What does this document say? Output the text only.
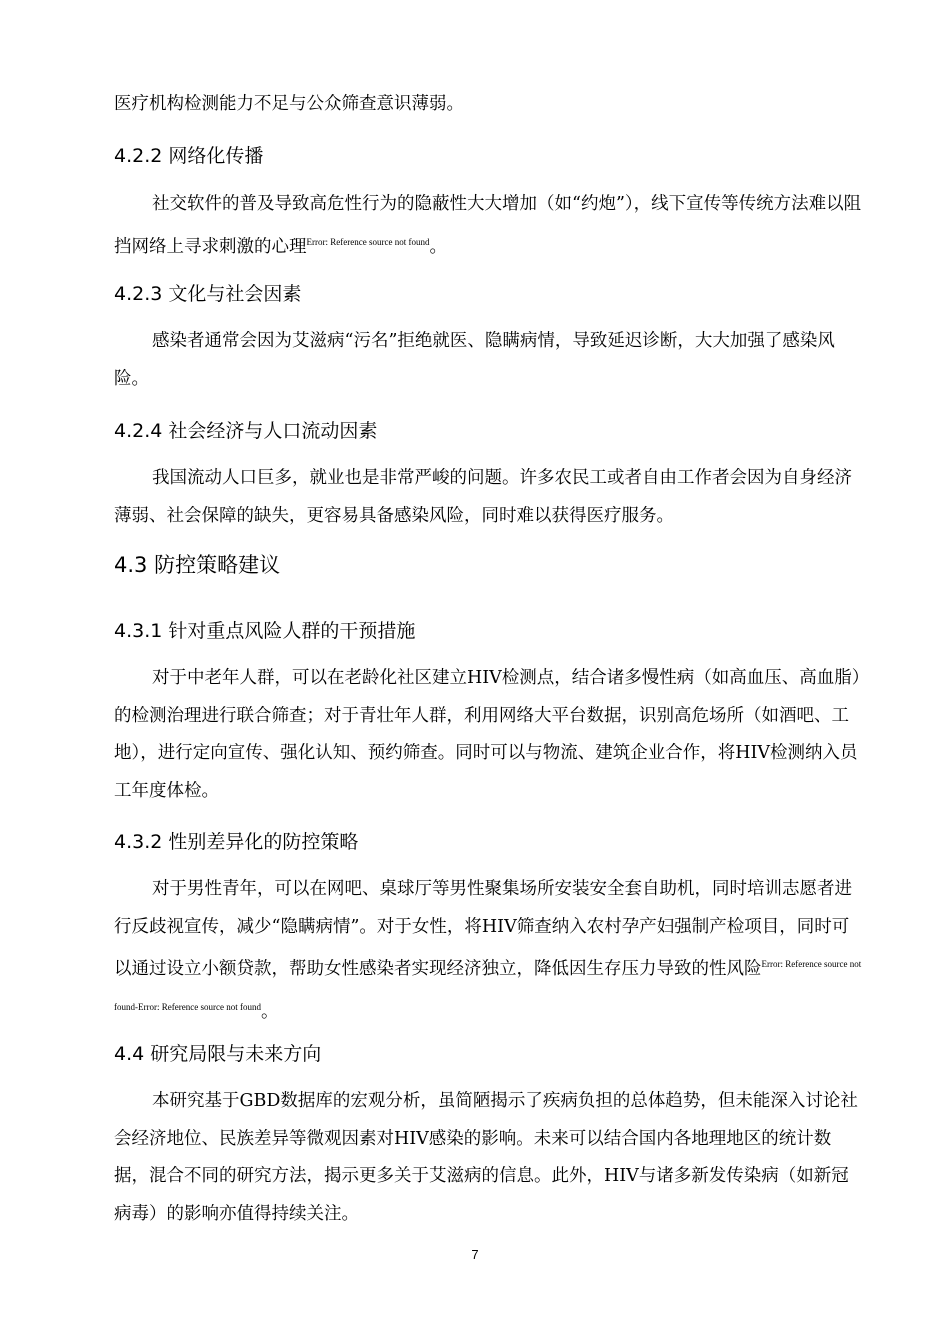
医疗机构检测能力不足与公众筛查意识薄弱。

4.2.2 网络化传播

社交软件的普及导致高危性行为的隐蔽性大大增加（如“约炮”），线下宣传等传统方法难以阻挡网络上寻求刺激的心理$^{Error: Reference source not found}$。

4.2.3 文化与社会因素

感染者通常会因为艾滋病“污名”拒绝就医、隐瞒病情，导致延迟诊断，大大加强了感染风险。

4.2.4 社会经济与人口流动因素

我国流动人口巨多，就业也是非常严峻的问题。许多农民工或者自由工作者会因为自身经济薄弱、社会保障的缺失，更容易具备感染风险，同时难以获得医疗服务。

4.3 防控策略建议
4.3.1 针对重点风险人群的干预措施

对于中老年人群，可以在老龄化社区建立HIV检测点，结合诸多慢性病（如高血压、高血脂）的检测治理进行联合筛查；对于青壮年人群，利用网络大平台数据，识别高危场所（如酒吧、工地），进行定向宣传、强化认知、预约筛查。同时可以与物流、建筑企业合作，将HIV检测纳入员工年度体检。

4.3.2 性别差异化的防控策略

对于男性青年，可以在网吧、桌球厅等男性聚集场所安装安全套自助机，同时培训志愿者进行反歧视宣传，减少“隐瞒病情”。对于女性，将HIV筛查纳入农村孕产妇强制产检项目，同时可以通过设立小额贷款，帮助女性感染者实现经济独立，降低因生存压力导致的性风险$^{Error: Reference source not found-Error: Reference source not found}$。

4.4 研究局限与未来方向

本研究基于GBD数据库的宏观分析，虽简陋揭示了疾病负担的总体趋势，但未能深入讨论社会经济地位、民族差异等微观因素对HIV感染的影响。未来可以结合国内各地理地区的统计数据，混合不同的研究方法，揭示更多关于艾滋病的信息。此外，HIV与诸多新发传染病（如新冠病毒）的影响亦值得持续关注。

7
